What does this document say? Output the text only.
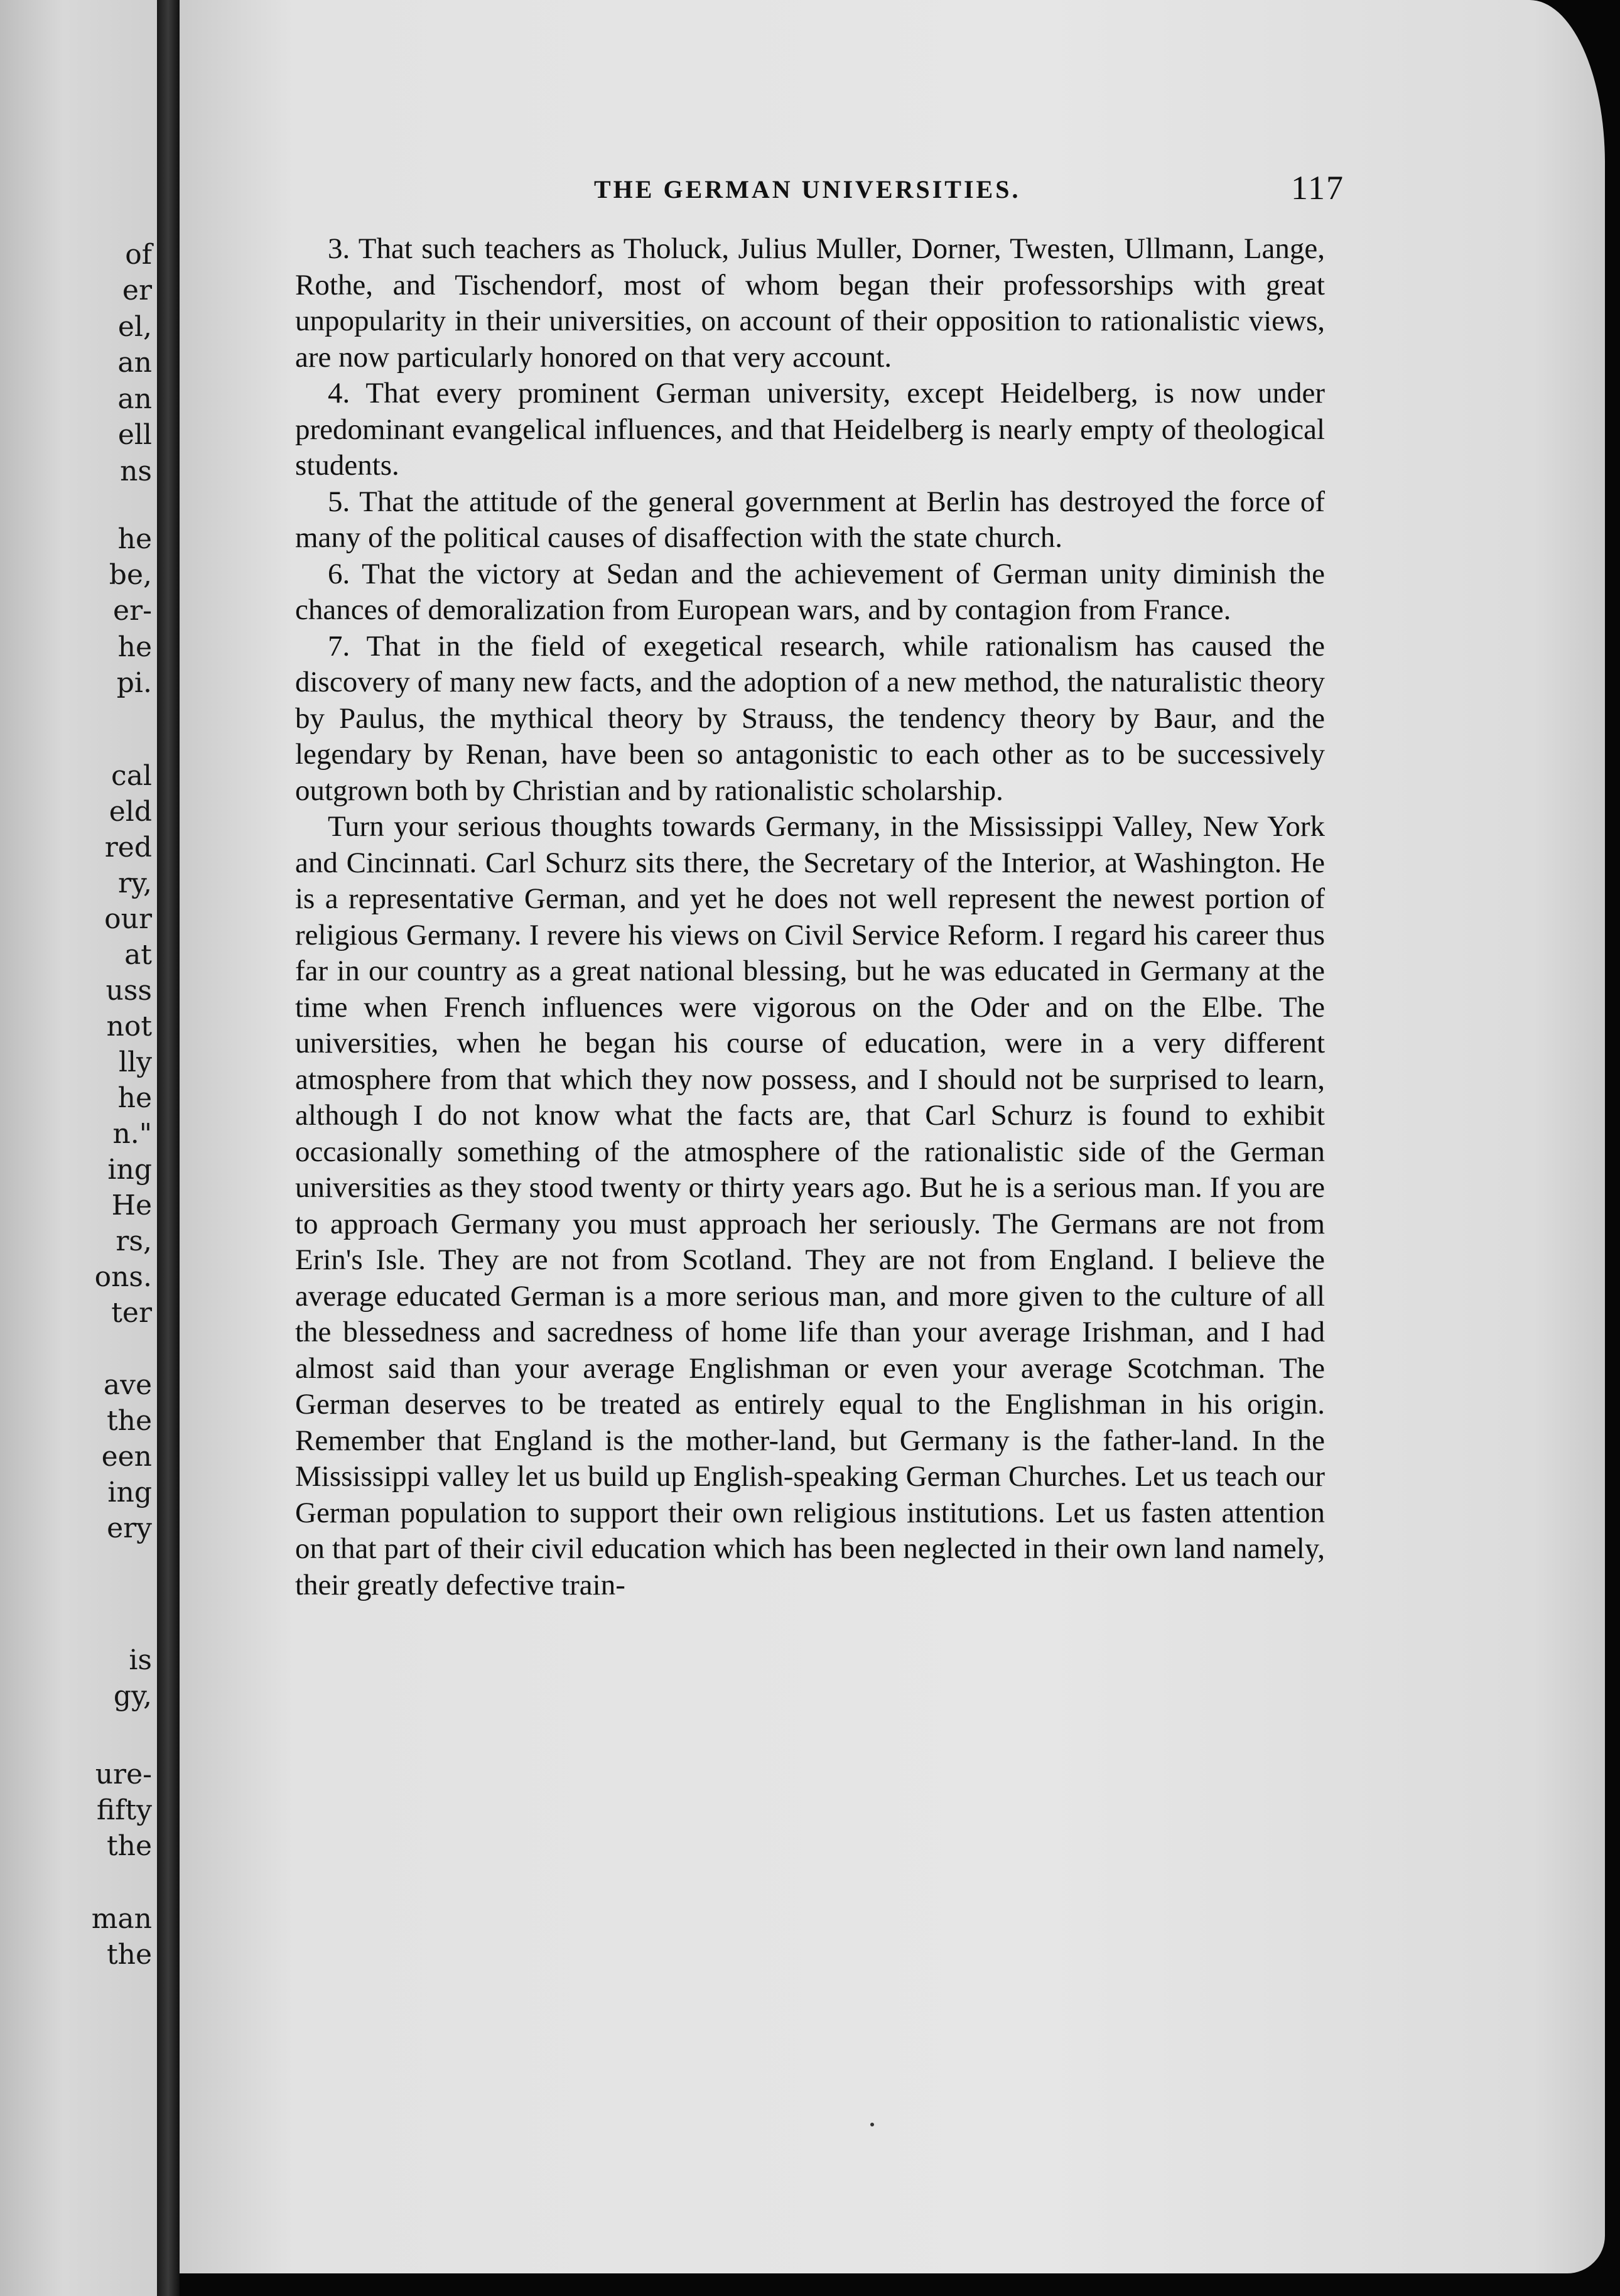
of
er
el,
an
an
ell
ns
he
be,
er-
he
pi.
cal
eld
red
ry,
our
at
uss
not
lly
he
n."
ing
He
rs,
ons.
ter
ave
the
een
ing
ery
is
gy,
ure-
fifty
the
man
the
THE GERMAN UNIVERSITIES.	117

3. That such teachers as Tholuck, Julius Muller, Dorner, Twesten, Ullmann, Lange, Rothe, and Tischendorf, most of whom began their professorships with great unpopularity in their universities, on account of their opposition to rationalistic views, are now particularly honored on that very account.

4. That every prominent German university, except Heidelberg, is now under predominant evangelical influences, and that Heidelberg is nearly empty of theological students.

5. That the attitude of the general government at Berlin has destroyed the force of many of the political causes of disaffection with the state church.

6. That the victory at Sedan and the achievement of German unity diminish the chances of demoralization from European wars, and by contagion from France.

7. That in the field of exegetical research, while rationalism has caused the discovery of many new facts, and the adoption of a new method, the naturalistic theory by Paulus, the mythical theory by Strauss, the tendency theory by Baur, and the legendary by Renan, have been so antagonistic to each other as to be successively outgrown both by Christian and by rationalistic scholarship.

Turn your serious thoughts towards Germany, in the Mississippi Valley, New York and Cincinnati. Carl Schurz sits there, the Secretary of the Interior, at Washington. He is a representative German, and yet he does not well represent the newest portion of religious Germany. I revere his views on Civil Service Reform. I regard his career thus far in our country as a great national blessing, but he was educated in Germany at the time when French influences were vigorous on the Oder and on the Elbe. The universities, when he began his course of education, were in a very different atmosphere from that which they now possess, and I should not be surprised to learn, although I do not know what the facts are, that Carl Schurz is found to exhibit occasionally something of the atmosphere of the rationalistic side of the German universities as they stood twenty or thirty years ago. But he is a serious man. If you are to approach Germany you must approach her seriously. The Germans are not from Erin's Isle. They are not from Scotland. They are not from England. I believe the average educated German is a more serious man, and more given to the culture of all the blessedness and sacredness of home life than your average Irishman, and I had almost said than your average Englishman or even your average Scotchman. The German deserves to be treated as entirely equal to the Englishman in his origin. Remember that England is the mother-land, but Germany is the father-land. In the Mississippi valley let us build up English-speaking German Churches. Let us teach our German population to support their own religious institutions. Let us fasten attention on that part of their civil education which has been neglected in their own land namely, their greatly defective train-
